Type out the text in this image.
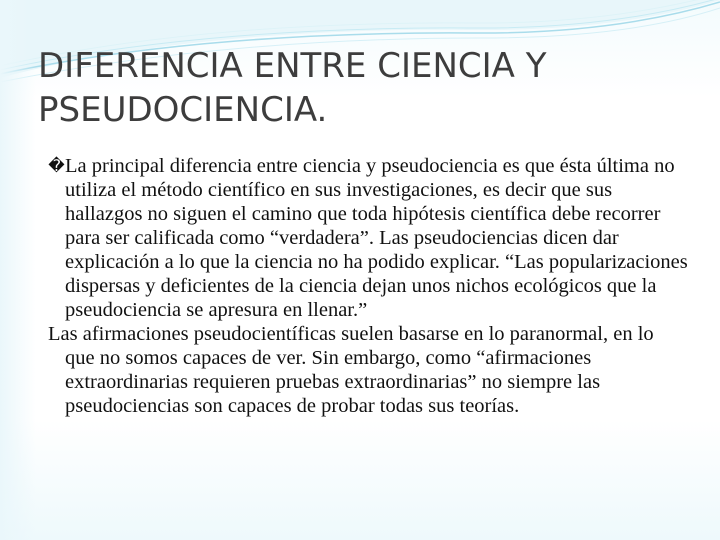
DIFERENCIA ENTRE CIENCIA Y PSEUDOCIENCIA.

�La principal diferencia entre ciencia y pseudociencia es que ésta última no utiliza el método científico en sus investigaciones, es decir que sus hallazgos no siguen el camino que toda hipótesis científica debe recorrer para ser calificada como “verdadera”. Las pseudociencias dicen dar explicación a lo que la ciencia no ha podido explicar. “Las popularizaciones dispersas y deficientes de la ciencia dejan unos nichos ecológicos que la pseudociencia se apresura en llenar.”

Las afirmaciones pseudocientíficas suelen basarse en lo paranormal, en lo que no somos capaces de ver. Sin embargo, como “afirmaciones extraordinarias requieren pruebas extraordinarias” no siempre las pseudociencias son capaces de probar todas sus teorías.
